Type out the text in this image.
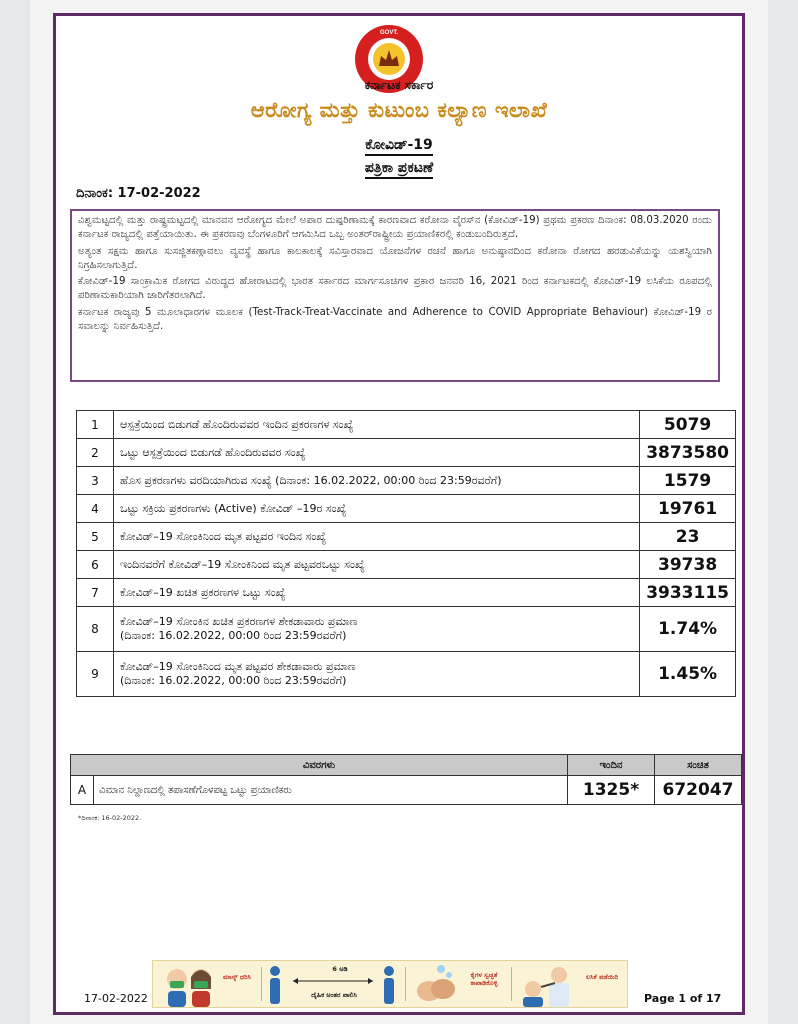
GOVT.
ಕರ್ನಾಟಕ ಸರ್ಕಾರ
ಆರೋಗ್ಯ ಮತ್ತು ಕುಟುಂಬ ಕಲ್ಯಾಣ ಇಲಾಖೆ
ಕೋವಿಡ್-19
ಪತ್ರಿಕಾ ಪ್ರಕಟಣೆ
ದಿನಾಂಕ: 17-02-2022

ವಿಶ್ವಮಟ್ಟದಲ್ಲಿ ಮತ್ತು ರಾಷ್ಟ್ರಮಟ್ಟದಲ್ಲಿ ಮಾನವನ ಆರೋಗ್ಯದ ಮೇಲೆ ಅಪಾರ ದುಷ್ಪರಿಣಾಮಕ್ಕೆ ಕಾರಣವಾದ ಕರೋನಾ ವೈರಸ್‌ನ (ಕೋವಿಡ್-19) ಪ್ರಥಮ ಪ್ರಕರಣ ದಿನಾಂಕ: 08.03.2020 ರಂದು ಕರ್ನಾಟಕ ರಾಜ್ಯದಲ್ಲಿ ಪತ್ತೆಯಾಯಿತು. ಈ ಪ್ರಕರಣವು ಬೆಂಗಳೂರಿಗೆ ಆಗಮಿಸಿದ ಒಬ್ಬ ಅಂತರ್‌ರಾಷ್ಟ್ರೀಯ ಪ್ರಯಾಣಿಕರಲ್ಲಿ ಕಂಡುಬಂದಿರುತ್ತದೆ.

ಅತ್ಯಂತ ಸಕ್ಷಮ ಹಾಗೂ ಸುಸಜ್ಜಿತಕಣ್ಗಾವಲು ವ್ಯವಸ್ಥೆ ಹಾಗೂ ಕಾಲಕಾಲಕ್ಕೆ ಸವಿಸ್ತಾರವಾದ ಯೋಜನೆಗಳ ರಚನೆ ಹಾಗೂ ಅನುಷ್ಠಾನದಿಂದ ಕರೋನಾ ರೋಗದ ಹರಡುವಿಕೆಯನ್ನು ಯಶಸ್ವಿಯಾಗಿ ನಿಗ್ರಹಿಸಲಾಗುತ್ತಿದೆ.

ಕೋವಿಡ್-19 ಸಾಂಕ್ರಾಮಿಕ ರೋಗದ ವಿರುದ್ಧದ ಹೋರಾಟದಲ್ಲಿ ಭಾರತ ಸರ್ಕಾರದ ಮಾರ್ಗಸೂಚಿಗಳ ಪ್ರಕಾರ ಜನವರಿ 16, 2021 ರಿಂದ ಕರ್ನಾಟಕದಲ್ಲಿ ಕೋವಿಡ್-19 ಲಸಿಕೆಯ ರೂಪದಲ್ಲಿ ಪರಿಣಾಮಕಾರಿಯಾಗಿ ಜಾರಿಗೆತರಲಾಗಿದೆ.

ಕರ್ನಾಟಕ ರಾಜ್ಯವು 5 ಮೂಲಾಧಾರಗಳ ಮೂಲಕ (Test-Track-Treat-Vaccinate and Adherence to COVID Appropriate Behaviour) ಕೋವಿಡ್-19 ರ ಸವಾಲನ್ನು ನಿರ್ವಹಿಸುತ್ತಿದೆ.

1	ಆಸ್ಪತ್ರೆಯಿಂದ ಬಿಡುಗಡೆ ಹೊಂದಿರುವವರ ಇಂದಿನ ಪ್ರಕರಣಗಳ ಸಂಖ್ಯೆ	5079
2	ಒಟ್ಟು ಆಸ್ಪತ್ರೆಯಿಂದ ಬಿಡುಗಡೆ ಹೊಂದಿರುವವರ ಸಂಖ್ಯೆ	3873580
3	ಹೊಸ ಪ್ರಕರಣಗಳು ವರದಿಯಾಗಿರುವ ಸಂಖ್ಯೆ (ದಿನಾಂಕ: 16.02.2022, 00:00 ರಿಂದ 23:59ರವರೆಗೆ)	1579
4	ಒಟ್ಟು ಸಕ್ರಿಯ ಪ್ರಕರಣಗಳು (Active) ಕೋವಿಡ್ –19ರ ಸಂಖ್ಯೆ	19761
5	ಕೋವಿಡ್–19 ಸೋಂಕಿನಿಂದ ಮೃತ ಪಟ್ಟವರ ಇಂದಿನ ಸಂಖ್ಯೆ	23
6	ಇಂದಿನವರೆಗೆ ಕೋವಿಡ್–19 ಸೋಂಕಿನಿಂದ ಮೃತ ಪಟ್ಟವರಒಟ್ಟು ಸಂಖ್ಯೆ	39738
7	ಕೋವಿಡ್–19 ಖಚಿತ ಪ್ರಕರಣಗಳ ಒಟ್ಟು ಸಂಖ್ಯೆ	3933115
8	ಕೋವಿಡ್–19 ಸೋಂಕಿನ ಖಚಿತ ಪ್ರಕರಣಗಳ ಶೇಕಡಾವಾರು ಪ್ರಮಾಣ
(ದಿನಾಂಕ: 16.02.2022, 00:00 ರಿಂದ 23:59ರವರೆಗೆ)	1.74%
9	ಕೋವಿಡ್–19 ಸೋಂಕಿನಿಂದ ಮೃತ ಪಟ್ಟವರ ಶೇಕಡಾವಾರು ಪ್ರಮಾಣ
(ದಿನಾಂಕ: 16.02.2022, 00:00 ರಿಂದ 23:59ರವರೆಗೆ)	1.45%
ವಿವರಗಳು		ಇಂದಿನ	ಸಂಚಿತ
A	ವಿಮಾನ ನಿಲ್ದಾಣದಲ್ಲಿ ತಪಾಸಣೆಗೊಳಪಟ್ಟ ಒಟ್ಟು ಪ್ರಯಾಣಿಕರು	1325*	672047
*ದಿನಾಂಕ: 16-02-2022.
ಮಾಸ್ಕ್ ಧರಿಸಿ
6 ಅಡಿ
ದೈಹಿಕ ಅಂತರ ಪಾಲಿಸಿ
ಕೈಗಳ ಸ್ವಚ್ಛತೆ ಕಾಪಾಡಿಕೊಳ್ಳಿ
ಲಸಿಕೆ ಪಡೆಯಿರಿ
17-02-2022	Page 1 of 17
